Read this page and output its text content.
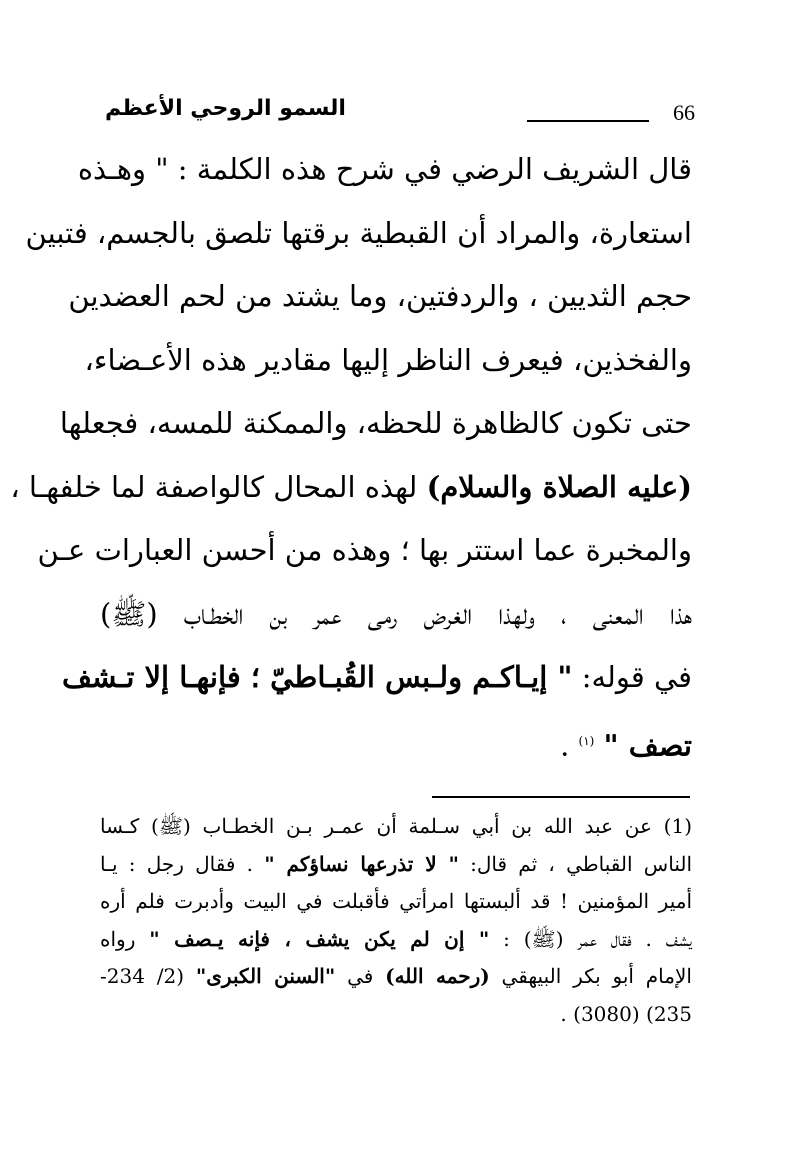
السمو الروحي الأعظم	66
قال الشريف الرضي في شرح هذه الكلمة : " وهـذه
استعارة، والمراد أن القبطية برقتها تلصق بالجسم، فتبين
حجم الثديين ، والردفتين، وما يشتد من لحم العضدين
والفخذين، فيعرف الناظر إليها مقادير هذه الأعـضاء،
حتى تكون كالظاهرة للحظه، والممكنة للمسه، فجعلها
(عليه الصلاة والسلام) لهذه المحال كالواصفة لما خلفهـا ،
والمخبرة عما استتر بها ؛ وهذه من أحسن العبارات عـن
هذا المعنى ، ولهذا الغرض رمى عمر بن الخطـاب (ﷺ)
في قوله: " إيـاكـم ولـبس القُبـاطيّ ؛ فإنهـا إلا تـشف
تصف " $^{(١)}$ .
(1) عن عبد الله بن أبي سـلمة أن عمـر بـن الخطـاب (ﷺ) كـسا
الناس القباطي ، ثم قال: " لا تذرعها نساؤكم " . فقال رجل : يـا
أمير المؤمنين ! قد ألبستها امرأتي فأقبلت في البيت وأدبرت فلم أره
يشف . فقال عمر (ﷺ) : " إن لم يكن يشف ، فإنه يـصف " رواه
الإمام أبو بكر البيهقي (رحمه الله) في "السنن الكبرى" (2/ 234-
235) (3080) .
